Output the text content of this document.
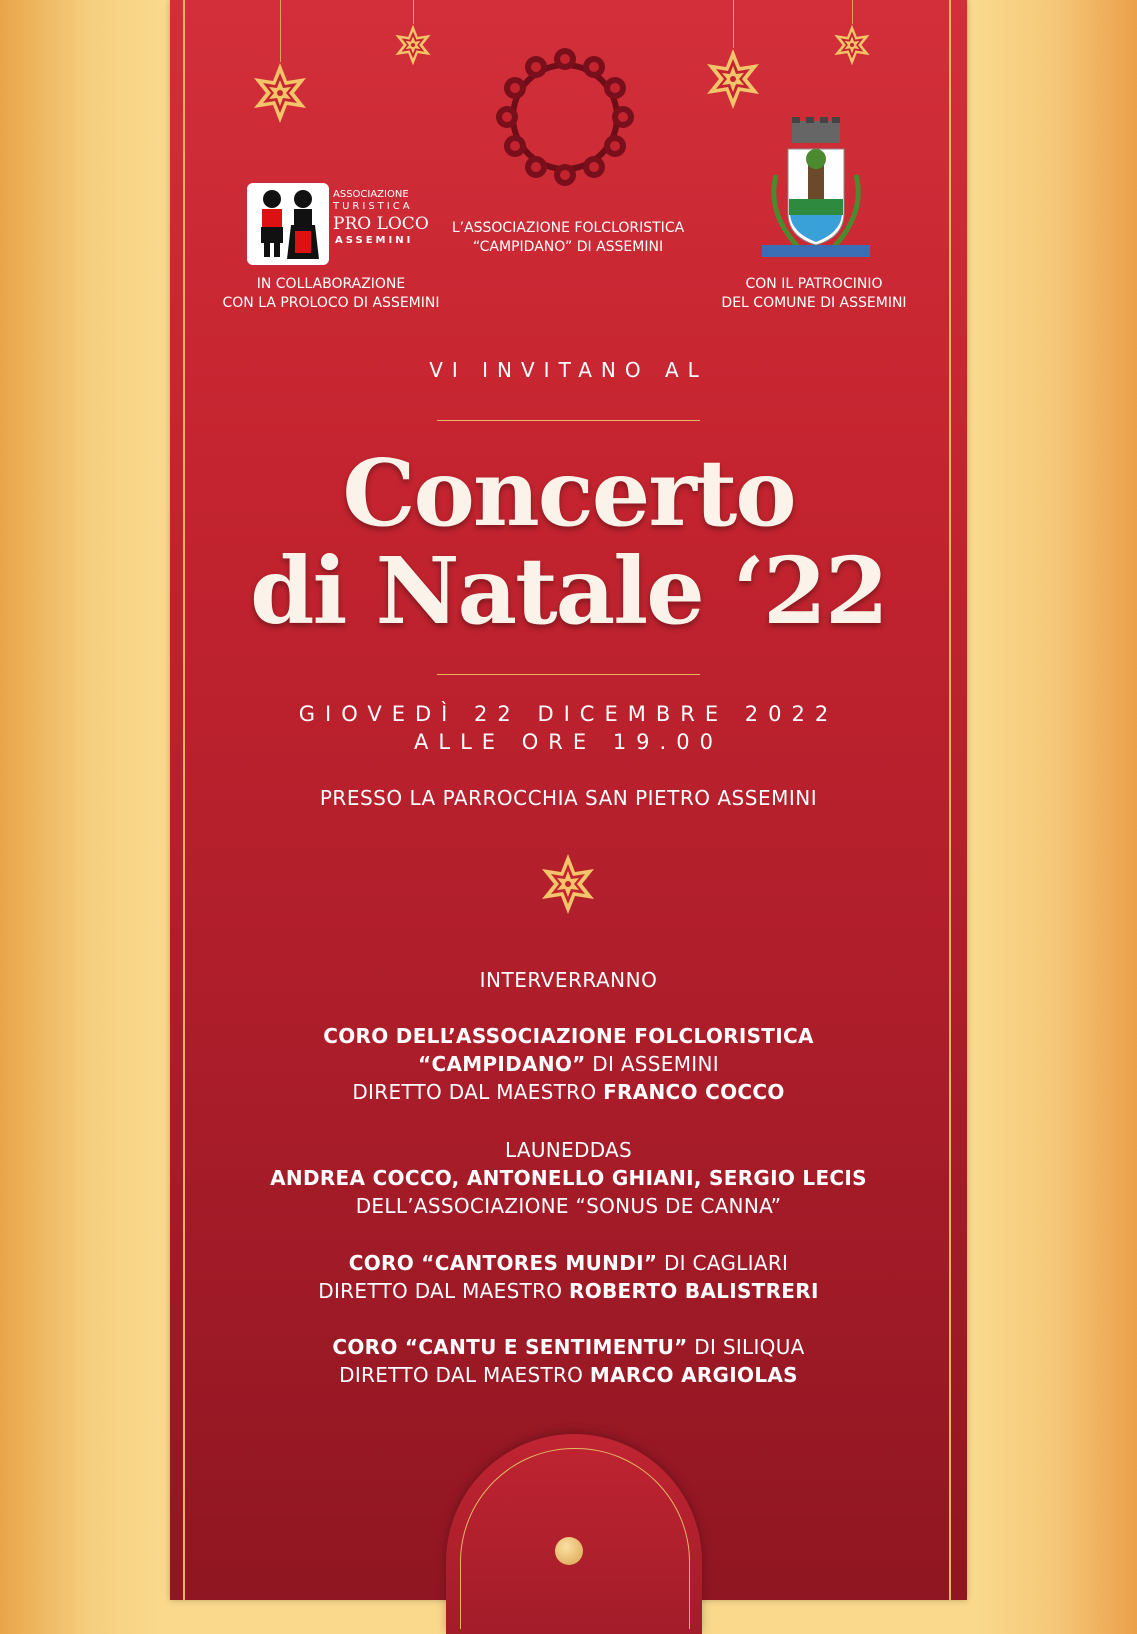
ASSOCIAZIONE
TURISTICA
PRO LOCO
ASSEMINI
IN COLLABORAZIONE
CON LA PROLOCO DI ASSEMINI
L’ASSOCIAZIONE FOLCLORISTICA
“CAMPIDANO” DI ASSEMINI
CON IL PATROCINIO
DEL COMUNE DI ASSEMINI
VI INVITANO AL
Concerto
di Natale ‘22
GIOVEDÌ 22 DICEMBRE 2022
ALLE ORE 19.00
PRESSO LA PARROCCHIA SAN PIETRO ASSEMINI
INTERVERRANNO
CORO DELL’ASSOCIAZIONE FOLCLORISTICA
“CAMPIDANO” DI ASSEMINI
DIRETTO DAL MAESTRO FRANCO COCCO
LAUNEDDAS
ANDREA COCCO, ANTONELLO GHIANI, SERGIO LECIS
DELL’ASSOCIAZIONE “SONUS DE CANNA”
CORO “CANTORES MUNDI” DI CAGLIARI
DIRETTO DAL MAESTRO ROBERTO BALISTRERI
CORO “CANTU E SENTIMENTU” DI SILIQUA
DIRETTO DAL MAESTRO MARCO ARGIOLAS
